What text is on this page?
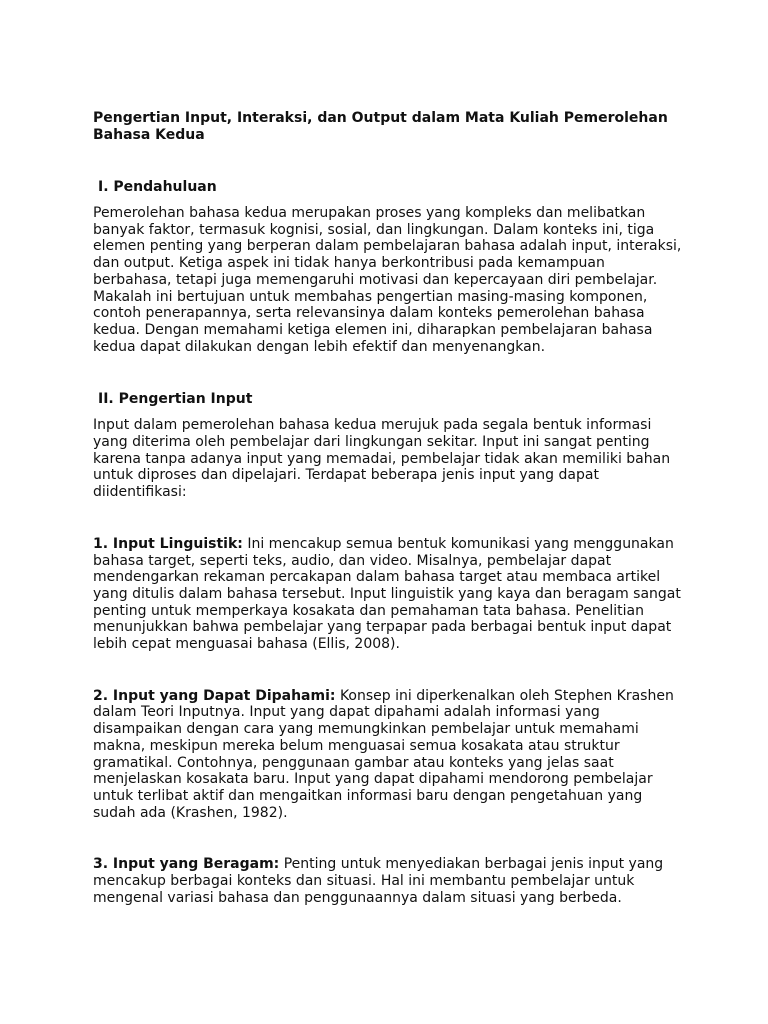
Pengertian Input, Interaksi, dan Output dalam Mata Kuliah Pemerolehan Bahasa Kedua
I. Pendahuluan

Pemerolehan bahasa kedua merupakan proses yang kompleks dan melibatkan banyak faktor, termasuk kognisi, sosial, dan lingkungan. Dalam konteks ini, tiga elemen penting yang berperan dalam pembelajaran bahasa adalah input, interaksi, dan output. Ketiga aspek ini tidak hanya berkontribusi pada kemampuan berbahasa, tetapi juga memengaruhi motivasi dan kepercayaan diri pembelajar. Makalah ini bertujuan untuk membahas pengertian masing-masing komponen, contoh penerapannya, serta relevansinya dalam konteks pemerolehan bahasa kedua. Dengan memahami ketiga elemen ini, diharapkan pembelajaran bahasa kedua dapat dilakukan dengan lebih efektif dan menyenangkan.

II. Pengertian Input

Input dalam pemerolehan bahasa kedua merujuk pada segala bentuk informasi yang diterima oleh pembelajar dari lingkungan sekitar. Input ini sangat penting karena tanpa adanya input yang memadai, pembelajar tidak akan memiliki bahan untuk diproses dan dipelajari. Terdapat beberapa jenis input yang dapat diidentifikasi:

1. Input Linguistik: Ini mencakup semua bentuk komunikasi yang menggunakan bahasa target, seperti teks, audio, dan video. Misalnya, pembelajar dapat mendengarkan rekaman percakapan dalam bahasa target atau membaca artikel yang ditulis dalam bahasa tersebut. Input linguistik yang kaya dan beragam sangat penting untuk memperkaya kosakata dan pemahaman tata bahasa. Penelitian menunjukkan bahwa pembelajar yang terpapar pada berbagai bentuk input dapat lebih cepat menguasai bahasa (Ellis, 2008).

2. Input yang Dapat Dipahami: Konsep ini diperkenalkan oleh Stephen Krashen dalam Teori Inputnya. Input yang dapat dipahami adalah informasi yang disampaikan dengan cara yang memungkinkan pembelajar untuk memahami makna, meskipun mereka belum menguasai semua kosakata atau struktur gramatikal. Contohnya, penggunaan gambar atau konteks yang jelas saat menjelaskan kosakata baru. Input yang dapat dipahami mendorong pembelajar untuk terlibat aktif dan mengaitkan informasi baru dengan pengetahuan yang sudah ada (Krashen, 1982).

3. Input yang Beragam: Penting untuk menyediakan berbagai jenis input yang mencakup berbagai konteks dan situasi. Hal ini membantu pembelajar untuk mengenal variasi bahasa dan penggunaannya dalam situasi yang berbeda.
